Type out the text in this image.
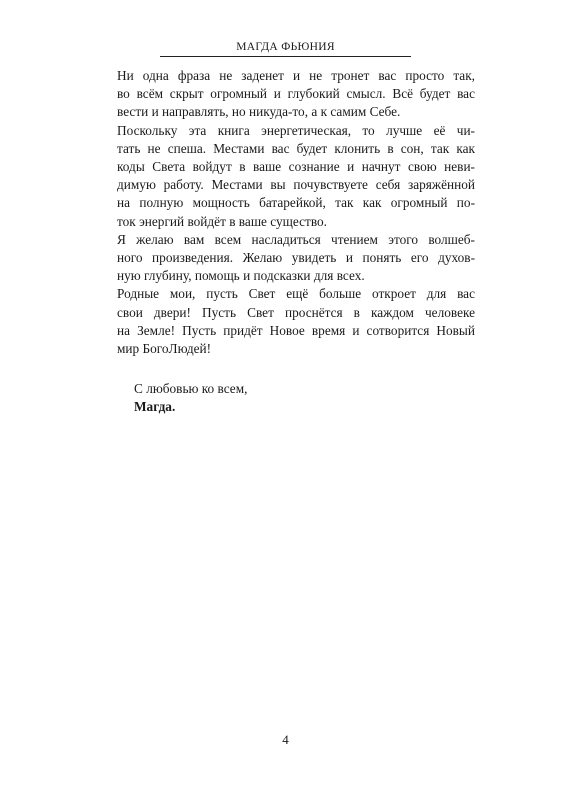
МАГДА ФЬЮНИЯ

Ни одна фраза не заденет и не тронет вас просто так,
во всём скрыт огромный и глубокий смысл. Всё будет вас
вести и направлять, но никуда-то, а к самим Себе.

Поскольку эта книга энергетическая, то лучше её чи-
тать не спеша. Местами вас будет клонить в сон, так как
коды Света войдут в ваше сознание и начнут свою неви-
димую работу. Местами вы почувствуете себя заряжённой
на полную мощность батарейкой, так как огромный по-
ток энергий войдёт в ваше существо.

Я желаю вам всем насладиться чтением этого волшеб-
ного произведения. Желаю увидеть и понять его духов-
ную глубину, помощь и подсказки для всех.

Родные мои, пусть Свет ещё больше откроет для вас
свои двери! Пусть Свет проснётся в каждом человеке
на Земле! Пусть придёт Новое время и сотворится Новый
мир БогоЛюдей!

С любовью ко всем,
Магда.
4
